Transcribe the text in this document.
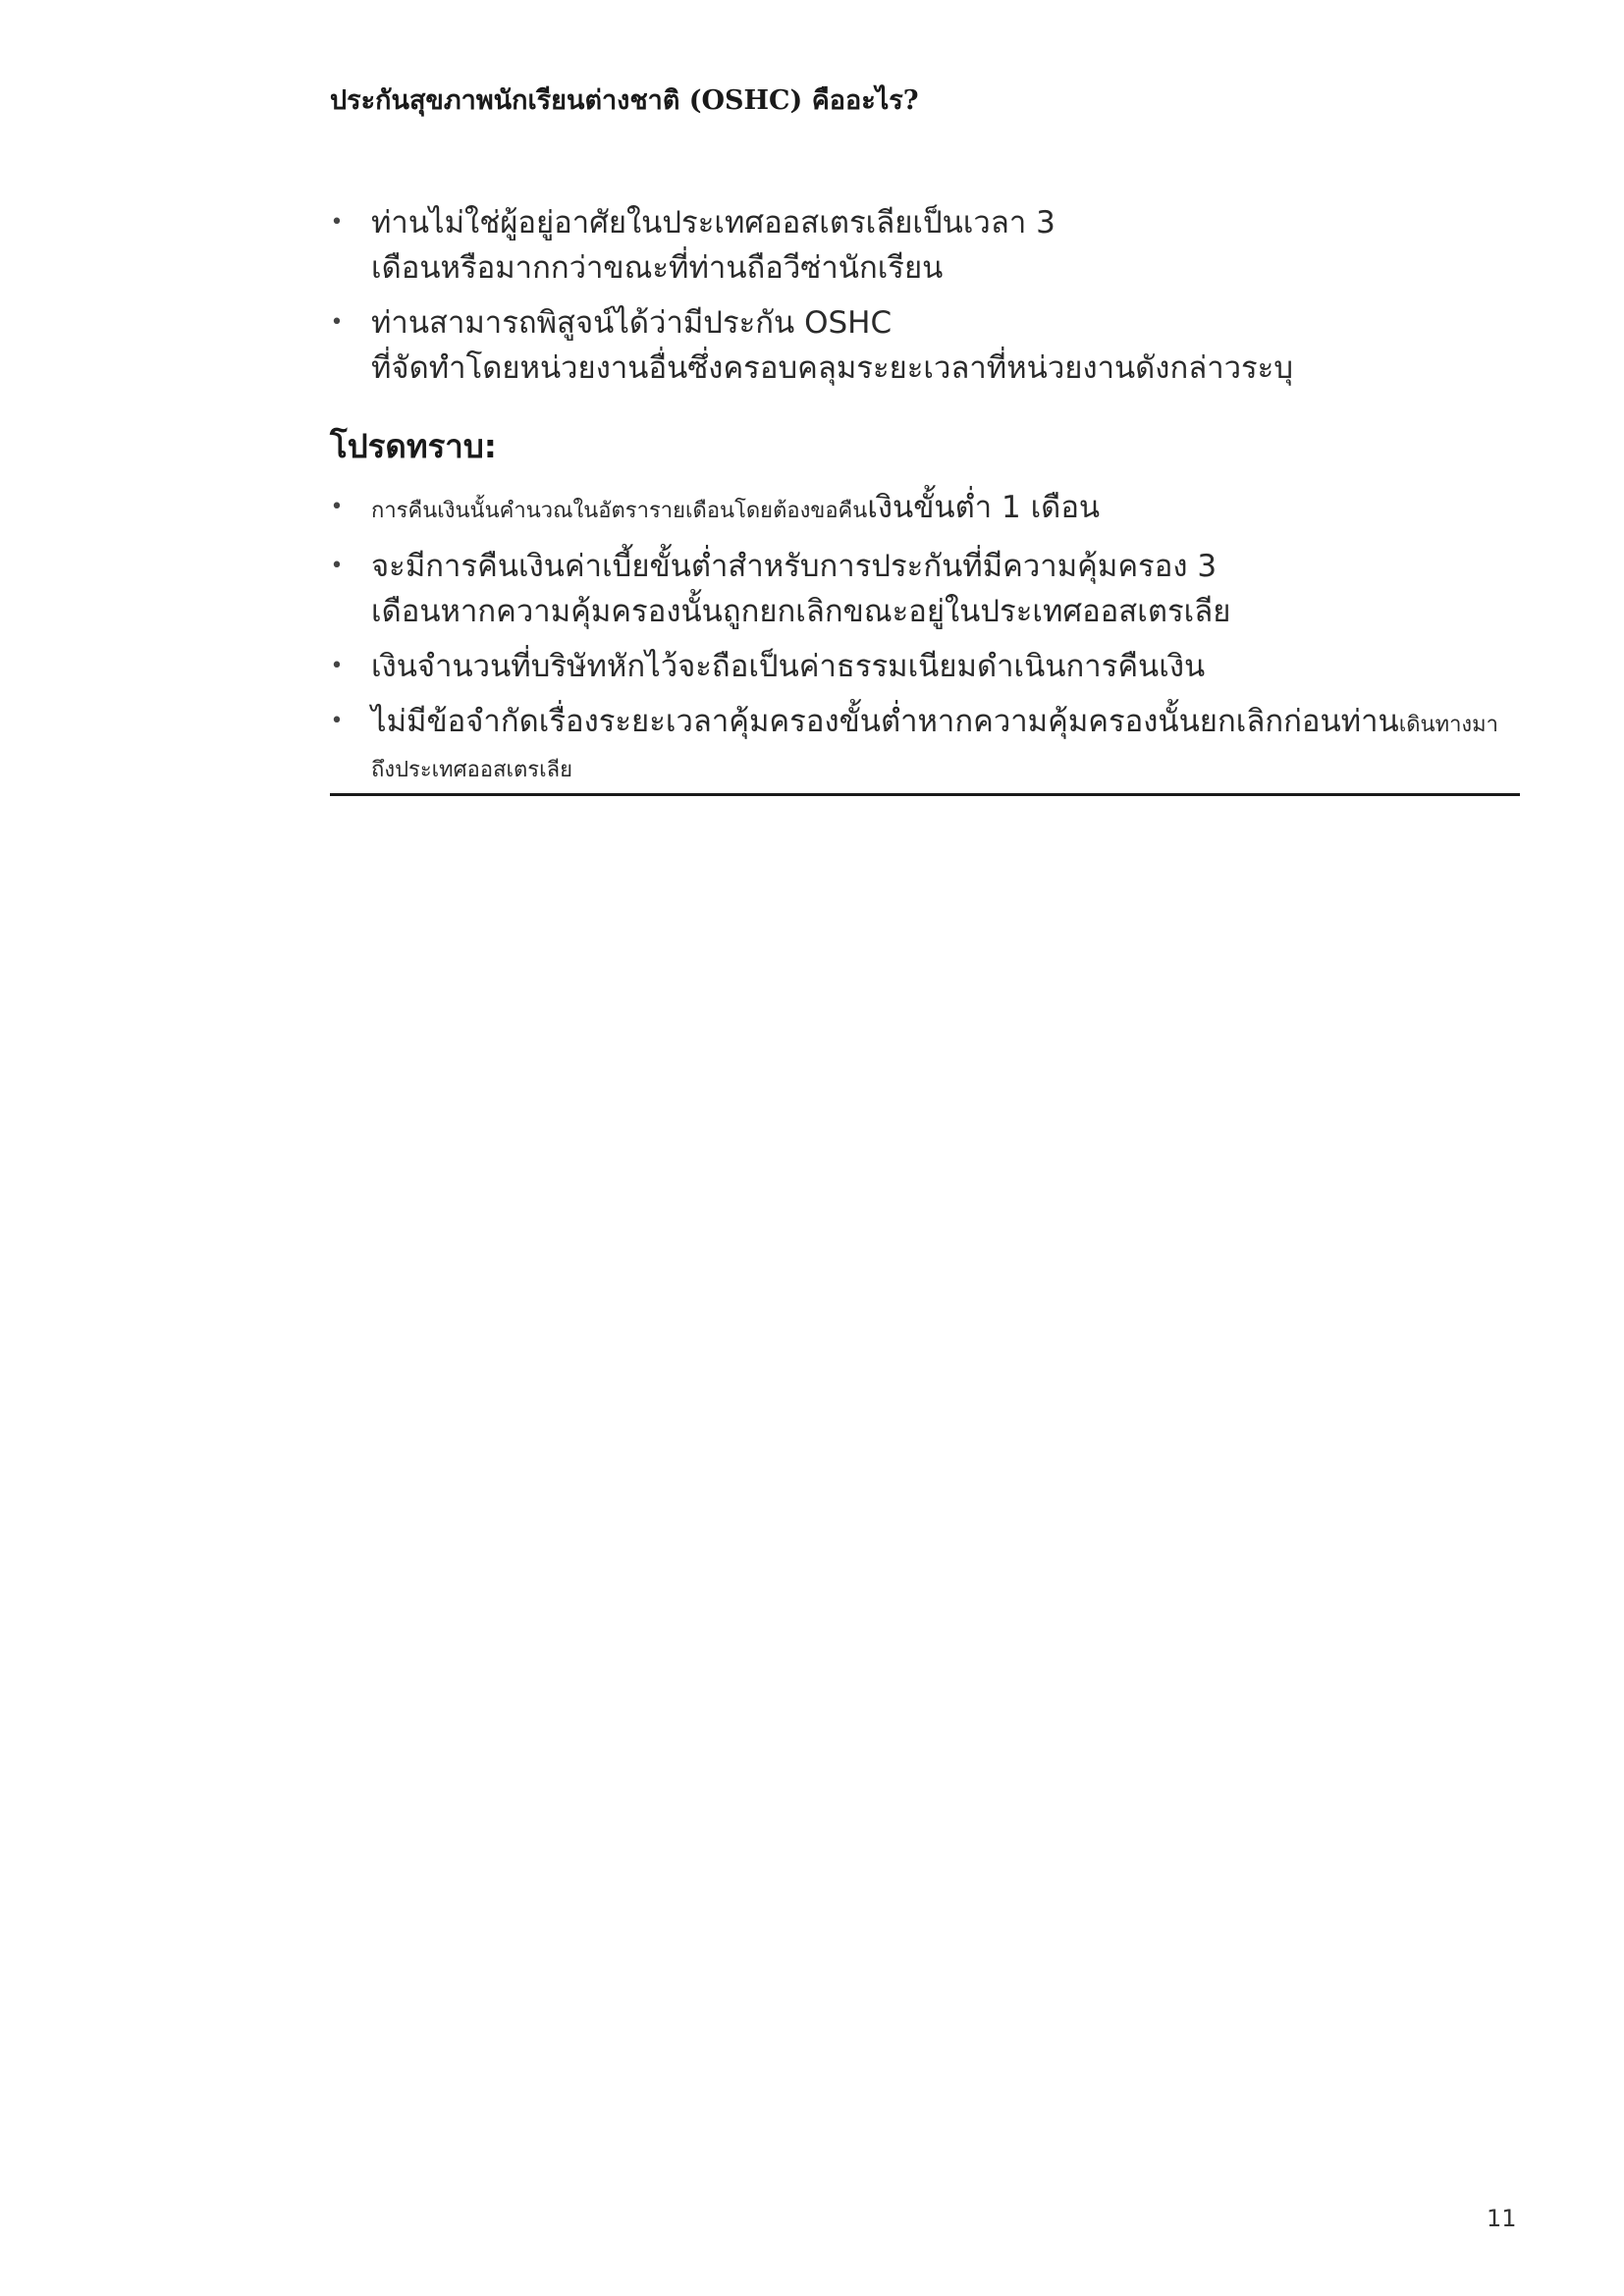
ประกันสุขภาพนักเรียนต่างชาติ (OSHC) คืออะไร?
• ท่านไม่ใช่ผู้อยู่อาศัยในประเทศออสเตรเลียเป็นเวลา 3
เดือนหรือมากกว่าขณะที่ท่านถือวีซ่านักเรียน
• ท่านสามารถพิสูจน์ได้ว่ามีประกัน OSHC
ที่จัดทำโดยหน่วยงานอื่นซึ่งครอบคลุมระยะเวลาที่หน่วยงานดังกล่าวระบุ
โปรดทราบ:
• การคืนเงินนั้นคำนวณในอัตรารายเดือนโดยต้องขอคืนเงินขั้นต่ำ 1 เดือน
• จะมีการคืนเงินค่าเบี้ยขั้นต่ำสำหรับการประกันที่มีความคุ้มครอง 3
เดือนหากความคุ้มครองนั้นถูกยกเลิกขณะอยู่ในประเทศออสเตรเลีย
• เงินจำนวนที่บริษัทหักไว้จะถือเป็นค่าธรรมเนียมดำเนินการคืนเงิน
• ไม่มีข้อจำกัดเรื่องระยะเวลาคุ้มครองขั้นต่ำหากความคุ้มครองนั้นยกเลิกก่อนท่านเดินทางมา
ถึงประเทศออสเตรเลีย
11
